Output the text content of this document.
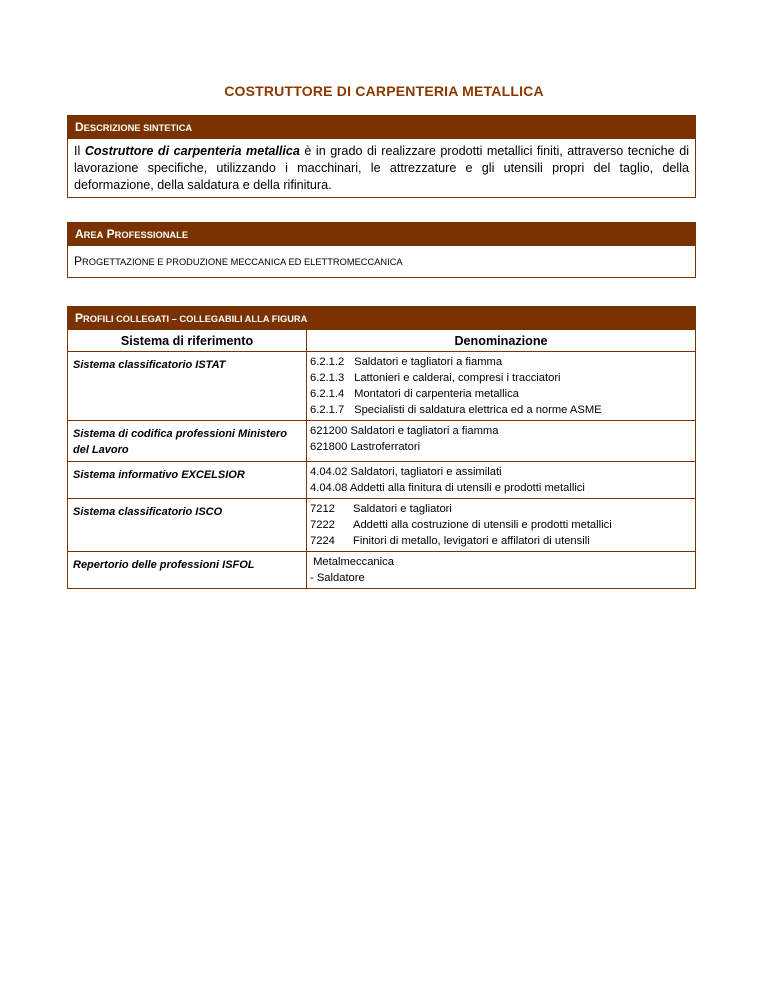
COSTRUTTORE DI CARPENTERIA METALLICA
DESCRIZIONE SINTETICA
Il Costruttore di carpenteria metallica è in grado di realizzare prodotti metallici finiti, attraverso tecniche di lavorazione specifiche, utilizzando i macchinari, le attrezzature e gli utensili propri del taglio, della deformazione, della saldatura e della rifinitura.
AREA PROFESSIONALE
PROGETTAZIONE E PRODUZIONE MECCANICA ED ELETTROMECCANICA
PROFILI COLLEGATI – COLLEGABILI ALLA FIGURA
Sistema di riferimento	Denominazione
Sistema classificatorio ISTAT	6.2.1.2 Saldatori e tagliatori a fiamma
6.2.1.3 Lattonieri e calderai, compresi i tracciatori
6.2.1.4 Montatori di carpenteria metallica
6.2.1.7 Specialisti di saldatura elettrica ed a norme ASME

Sistema di codifica professioni Ministero del Lavoro	621200 Saldatori e tagliatori a fiamma
621800 Lastroferratori

Sistema informativo EXCELSIOR	4.04.02 Saldatori, tagliatori e assimilati
4.04.08 Addetti alla finitura di utensili e prodotti metallici

Sistema classificatorio ISCO	7212 Saldatori e tagliatori
7222 Addetti alla costruzione di utensili e prodotti metallici
7224 Finitori di metallo, levigatori e affilatori di utensili

Repertorio delle professioni ISFOL	Metalmeccanica
- Saldatore
